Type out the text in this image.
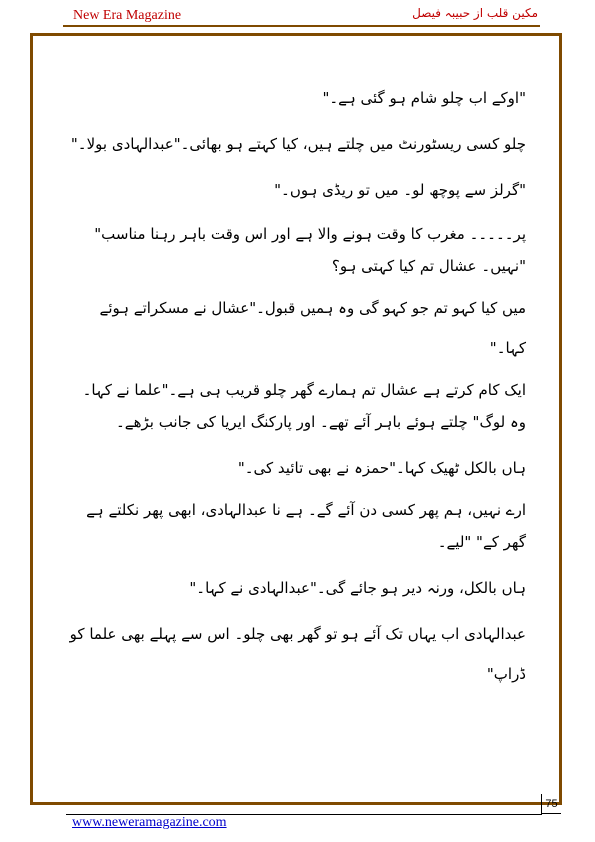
New Era Magazine	مکین قلب از حبیبہ فیصل

"اوکے اب چلو شام ہو گئی ہے۔"

چلو کسی ریسٹورنٹ میں چلتے ہیں، کیا کہتے ہو بھائی۔"عبدالہادی بولا۔"

"گرلز سے پوچھ لو۔ میں تو ریڈی ہوں۔"

پر۔۔۔۔۔ مغرب کا وقت ہونے والا ہے اور اس وقت باہر رہنا مناسب" "نہیں۔ عشال تم کیا کہتی ہو؟

میں کیا کہو تم جو کہو گی وہ ہمیں قبول۔"عشال نے مسکراتے ہوئے کہا۔"

ایک کام کرتے ہے عشال تم ہمارے گھر چلو قریب ہی ہے۔"علما نے کہا۔ وہ لوگ" چلتے ہوئے باہر آئے تھے۔ اور پارکنگ ایریا کی جانب بڑھے۔

ہاں بالکل ٹھیک کہا۔"حمزہ نے بھی تائید کی۔"

ارے نہیں، ہم پھر کسی دن آئے گے۔ ہے نا عبدالہادی، ابھی پھر نکلتے ہے گھر کے" "لیے۔

ہاں بالکل، ورنہ دیر ہو جائے گی۔"عبدالہادی نے کہا۔"

عبدالہادی اب یہاں تک آئے ہو تو گھر بھی چلو۔ اس سے پہلے بھی علما کو ڈراپ"

75
www.neweramagazine.com
